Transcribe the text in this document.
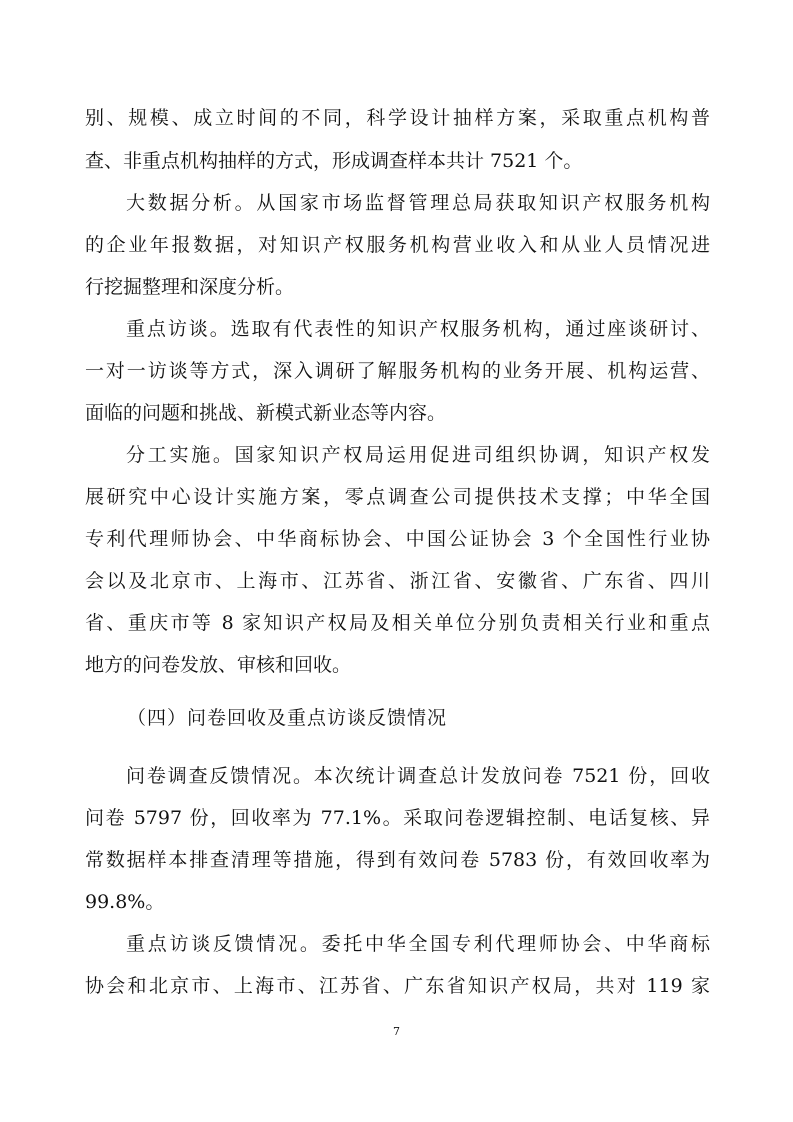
别、规模、成立时间的不同，科学设计抽样方案，采取重点机构普
查、非重点机构抽样的方式，形成调查样本共计 7521 个。
大数据分析。从国家市场监督管理总局获取知识产权服务机构
的企业年报数据，对知识产权服务机构营业收入和从业人员情况进
行挖掘整理和深度分析。
重点访谈。选取有代表性的知识产权服务机构，通过座谈研讨、
一对一访谈等方式，深入调研了解服务机构的业务开展、机构运营、
面临的问题和挑战、新模式新业态等内容。
分工实施。国家知识产权局运用促进司组织协调，知识产权发
展研究中心设计实施方案，零点调查公司提供技术支撑；中华全国
专利代理师协会、中华商标协会、中国公证协会 3 个全国性行业协
会以及北京市、上海市、江苏省、浙江省、安徽省、广东省、四川
省、重庆市等 8 家知识产权局及相关单位分别负责相关行业和重点
地方的问卷发放、审核和回收。
（四）问卷回收及重点访谈反馈情况
问卷调查反馈情况。本次统计调查总计发放问卷 7521 份，回收
问卷 5797 份，回收率为 77.1%。采取问卷逻辑控制、电话复核、异
常数据样本排查清理等措施，得到有效问卷 5783 份，有效回收率为
99.8%。
重点访谈反馈情况。委托中华全国专利代理师协会、中华商标
协会和北京市、上海市、江苏省、广东省知识产权局，共对 119 家
7
